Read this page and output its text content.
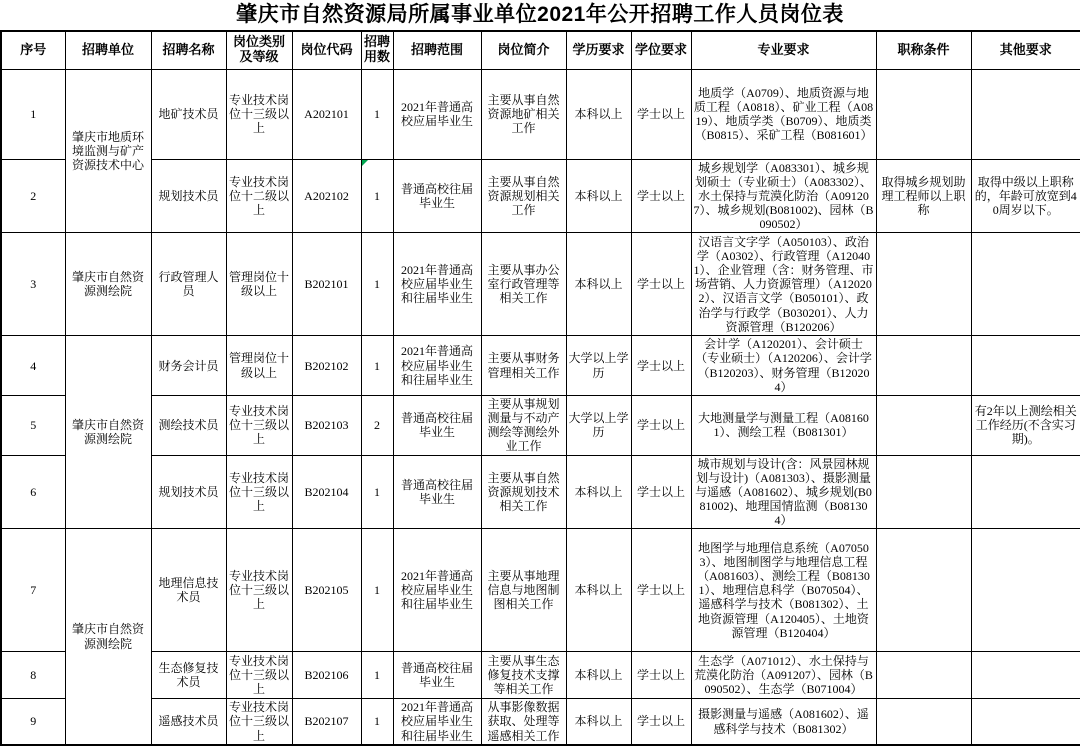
肇庆市自然资源局所属事业单位2021年公开招聘工作人员岗位表
序号	招聘单位	招聘名称	岗位类别及等级	岗位代码	招聘用数	招聘范围	岗位简介	学历要求	学位要求	专业要求	职称条件	其他要求
1	肇庆市地质环境监测与矿产资源技术中心	地矿技术员	专业技术岗位十三级以上	A202101	1	2021年普通高校应届毕业生	主要从事自然资源地矿相关工作	本科以上	学士以上	地质学（A0709）、地质资源与地质工程（A0818）、矿业工程（A0819）、地质学类（B0709）、地质类（B0815）、采矿工程（B081601）		
2		规划技术员	专业技术岗位十二级以上	A202102	1	普通高校往届毕业生	主要从事自然资源规划相关工作	本科以上	学士以上	城乡规划学（A083301）、城乡规划硕士（专业硕士）（A083302）、水土保持与荒漠化防治（A091207）、城乡规划(B081002)、园林（B090502）	取得城乡规划助理工程师以上职称	取得中级以上职称的，年龄可放宽到40周岁以下。
3	肇庆市自然资源测绘院	行政管理人员	管理岗位十级以上	B202101	1	2021年普通高校应届毕业生和往届毕业生	主要从事办公室行政管理等相关工作	本科以上	学士以上	汉语言文字学（A050103）、政治学（A0302）、行政管理（A120401）、企业管理（含：财务管理、市场营销、人力资源管理）（A120202）、汉语言文学（B050101）、政治学与行政学（B030201）、人力资源管理（B120206）		
4	肇庆市自然资源测绘院	财务会计员	管理岗位十级以上	B202102	1	2021年普通高校应届毕业生和往届毕业生	主要从事财务管理相关工作	大学以上学历	学士以上	会计学（A120201）、会计硕士（专业硕士）（A120206）、会计学（B120203）、财务管理（B120204）		
5		测绘技术员	专业技术岗位十三级以上	B202103	2	普通高校往届毕业生	主要从事规划测量与不动产测绘等测绘外业工作	大学以上学历	学士以上	大地测量学与测量工程（A081601）、测绘工程（B081301）		有2年以上测绘相关工作经历(不含实习期)。
6		规划技术员	专业技术岗位十三级以上	B202104	1	普通高校往届毕业生	主要从事自然资源规划技术相关工作	本科以上	学士以上	城市规划与设计(含：风景园林规划与设计)（A081303）、摄影测量与遥感（A081602）、城乡规划(B081002)、地理国情监测（B081304）		
7	肇庆市自然资源测绘院	地理信息技术员	专业技术岗位十三级以上	B202105	1	2021年普通高校应届毕业生和往届毕业生	主要从事地理信息与地图制图相关工作	本科以上	学士以上	地图学与地理信息系统（A070503）、地图制图学与地理信息工程（A081603）、测绘工程（B081301）、地理信息科学（B070504）、遥感科学与技术（B081302）、土地资源管理（A120405）、土地资源管理（B120404）		
8		生态修复技术员	专业技术岗位十三级以上	B202106	1	普通高校往届毕业生	主要从事生态修复技术支撑等相关工作	本科以上	学士以上	生态学（A071012）、水土保持与荒漠化防治（A091207）、园林（B090502）、生态学（B071004）		
9		遥感技术员	专业技术岗位十三级以上	B202107	1	2021年普通高校应届毕业生和往届毕业生	从事影像数据获取、处理等遥感相关工作	本科以上	学士以上	摄影测量与遥感（A081602）、遥感科学与技术（B081302）		
